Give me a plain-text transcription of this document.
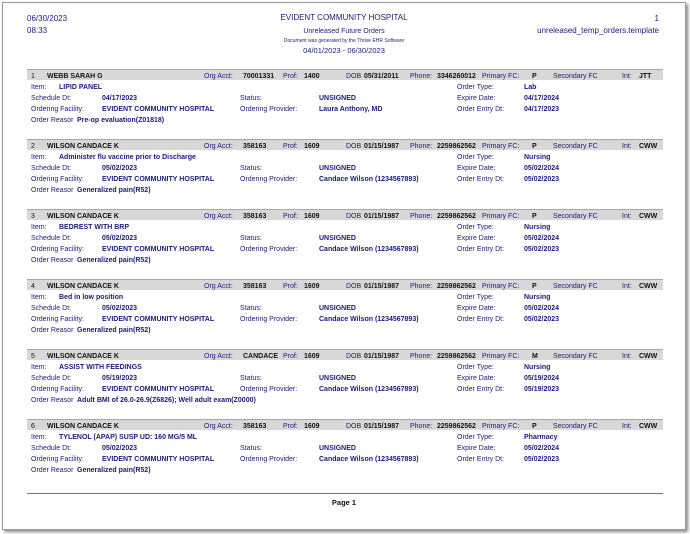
06/30/2023
08:33
EVIDENT COMMUNITY HOSPITAL
Unreleased Future Orders
Document was generated by the Thrive EHR Software
04/01/2023 - 06/30/2023
1
unreleased_temp_orders.template
1 WEBB SARAH G	Org Acct: 70001331 Prof: 1400	DOB 05/31/2011 Phone: 3346260012 Primary FC: P Secondary FC	Int: JTT
Item: LIPID PANEL	Order Type:	Lab
Schedule Dt:	04/17/2023	Status:	UNSIGNED	Expire Date:	04/17/2024
Ordering Facility:	EVIDENT COMMUNITY HOSPITAL	Ordering Provider:	Laura Anthony, MD	Order Entry Dt:	04/17/2023
Order Reasor Pre-op evaluation(Z01818)
2 WILSON CANDACE K	Org Acct: 358163 Prof: 1609	DOB 01/15/1987 Phone: 2259862562 Primary FC: P Secondary FC	Int: CWW
Item: Administer flu vaccine prior to Discharge	Order Type:	Nursing
Schedule Dt:	05/02/2023	Status:	UNSIGNED	Expire Date:	05/02/2024
Ordering Facility:	EVIDENT COMMUNITY HOSPITAL	Ordering Provider:	Candace Wilson (1234567893)	Order Entry Dt:	05/02/2023
Order Reasor Generalized pain(R52)
3 WILSON CANDACE K	Org Acct: 358163 Prof: 1609	DOB 01/15/1987 Phone: 2259862562 Primary FC: P Secondary FC	Int: CWW
Item: BEDREST WITH BRP	Order Type:	Nursing
Schedule Dt:	05/02/2023	Status:	UNSIGNED	Expire Date:	05/02/2024
Ordering Facility:	EVIDENT COMMUNITY HOSPITAL	Ordering Provider:	Candace Wilson (1234567893)	Order Entry Dt:	05/02/2023
Order Reasor Generalized pain(R52)
4 WILSON CANDACE K	Org Acct: 358163 Prof: 1609	DOB 01/15/1987 Phone: 2259862562 Primary FC: P Secondary FC	Int: CWW
Item: Bed in low position	Order Type:	Nursing
Schedule Dt:	05/02/2023	Status:	UNSIGNED	Expire Date:	05/02/2024
Ordering Facility:	EVIDENT COMMUNITY HOSPITAL	Ordering Provider:	Candace Wilson (1234567893)	Order Entry Dt:	05/02/2023
Order Reasor Generalized pain(R52)
5 WILSON CANDACE K	Org Acct: CANDACE Prof: 1609	DOB 01/15/1987 Phone: 2259862562 Primary FC: M Secondary FC	Int: CWW
Item: ASSIST WITH FEEDINGS	Order Type:	Nursing
Schedule Dt:	05/19/2023	Status:	UNSIGNED	Expire Date:	05/19/2024
Ordering Facility:	EVIDENT COMMUNITY HOSPITAL	Ordering Provider:	Candace Wilson (1234567893)	Order Entry Dt:	05/19/2023
Order Reasor Adult BMI of 26.0-26.9(Z6826); Well adult exam(Z0000)
6 WILSON CANDACE K	Org Acct: 358163 Prof: 1609	DOB 01/15/1987 Phone: 2259862562 Primary FC: P Secondary FC	Int: CWW
Item: TYLENOL (APAP) SUSP UD: 160 MG/5 ML	Order Type:	Pharmacy
Schedule Dt:	05/02/2023	Status:	UNSIGNED	Expire Date:	05/02/2024
Ordering Facility:	EVIDENT COMMUNITY HOSPITAL	Ordering Provider:	Candace Wilson (1234567893)	Order Entry Dt:	05/02/2023
Order Reasor Generalized pain(R52)
Page 1
